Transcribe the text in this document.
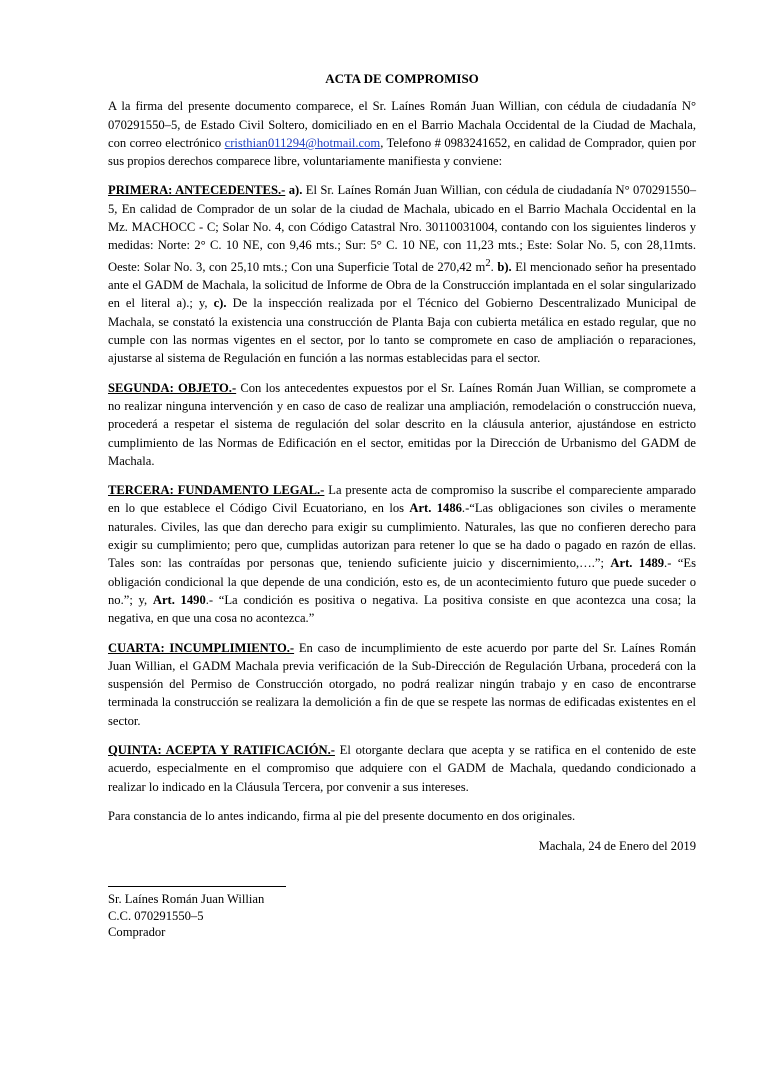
ACTA DE COMPROMISO

A la firma del presente documento comparece, el Sr. Laínes Román Juan Willian, con cédula de ciudadanía N° 070291550–5, de Estado Civil Soltero, domiciliado en en el Barrio Machala Occidental de la Ciudad de Machala, con correo electrónico cristhian011294@hotmail.com, Telefono # 0983241652, en calidad de Comprador, quien por sus propios derechos comparece libre, voluntariamente manifiesta y conviene:

PRIMERA: ANTECEDENTES.- a). El Sr. Laínes Román Juan Willian, con cédula de ciudadanía N° 070291550–5, En calidad de Comprador de un solar de la ciudad de Machala, ubicado en el Barrio Machala Occidental en la Mz. MACHOCC - C; Solar No. 4, con Código Catastral Nro. 30110031004, contando con los siguientes linderos y medidas: Norte: 2° C. 10 NE, con 9,46 mts.; Sur: 5° C. 10 NE, con 11,23 mts.; Este: Solar No. 5, con 28,11mts. Oeste: Solar No. 3, con 25,10 mts.; Con una Superficie Total de 270,42 $m^2$. b). El mencionado señor ha presentado ante el GADM de Machala, la solicitud de Informe de Obra de la Construcción implantada en el solar singularizado en el literal a).; y, c). De la inspección realizada por el Técnico del Gobierno Descentralizado Municipal de Machala, se constató la existencia una construcción de Planta Baja con cubierta metálica en estado regular, que no cumple con las normas vigentes en el sector, por lo tanto se compromete en caso de ampliación o reparaciones, ajustarse al sistema de Regulación en función a las normas establecidas para el sector.

SEGUNDA: OBJETO.- Con los antecedentes expuestos por el Sr. Laínes Román Juan Willian, se compromete a no realizar ninguna intervención y en caso de caso de realizar una ampliación, remodelación o construcción nueva, procederá a respetar el sistema de regulación del solar descrito en la cláusula anterior, ajustándose en estricto cumplimiento de las Normas de Edificación en el sector, emitidas por la Dirección de Urbanismo del GADM de Machala.

TERCERA: FUNDAMENTO LEGAL.- La presente acta de compromiso la suscribe el compareciente amparado en lo que establece el Código Civil Ecuatoriano, en los Art. 1486.-“Las obligaciones son civiles o meramente naturales. Civiles, las que dan derecho para exigir su cumplimiento. Naturales, las que no confieren derecho para exigir su cumplimiento; pero que, cumplidas autorizan para retener lo que se ha dado o pagado en razón de ellas. Tales son: las contraídas por personas que, teniendo suficiente juicio y discernimiento,….”; Art. 1489.- “Es obligación condicional la que depende de una condición, esto es, de un acontecimiento futuro que puede suceder o no.”; y, Art. 1490.- “La condición es positiva o negativa. La positiva consiste en que acontezca una cosa; la negativa, en que una cosa no acontezca.”

CUARTA: INCUMPLIMIENTO.- En caso de incumplimiento de este acuerdo por parte del Sr. Laínes Román Juan Willian, el GADM Machala previa verificación de la Sub-Dirección de Regulación Urbana, procederá con la suspensión del Permiso de Construcción otorgado, no podrá realizar ningún trabajo y en caso de encontrarse terminada la construcción se realizara la demolición a fin de que se respete las normas de edificadas existentes en el sector.

QUINTA: ACEPTA Y RATIFICACIÓN.- El otorgante declara que acepta y se ratifica en el contenido de este acuerdo, especialmente en el compromiso que adquiere con el GADM de Machala, quedando condicionado a realizar lo indicado en la Cláusula Tercera, por convenir a sus intereses.

Para constancia de lo antes indicando, firma al pie del presente documento en dos originales.

Machala, 24 de Enero del 2019
Sr. Laínes Román Juan Willian
C.C. 070291550–5
Comprador
